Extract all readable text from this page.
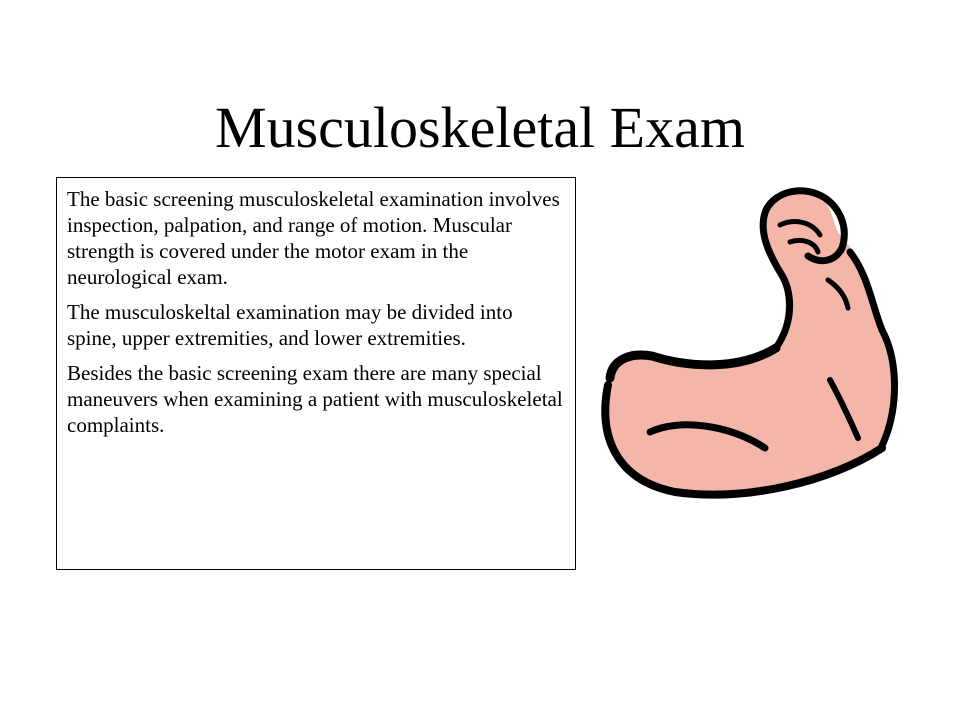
Musculoskeletal Exam

The basic screening musculoskeletal examination involves inspection, palpation, and range of motion. Muscular strength is covered under the motor exam in the neurological exam.

The musculoskeltal examination may be divided into spine, upper extremities, and lower extremities.

Besides the basic screening exam there are many special maneuvers when examining a patient with musculoskeletal complaints.
